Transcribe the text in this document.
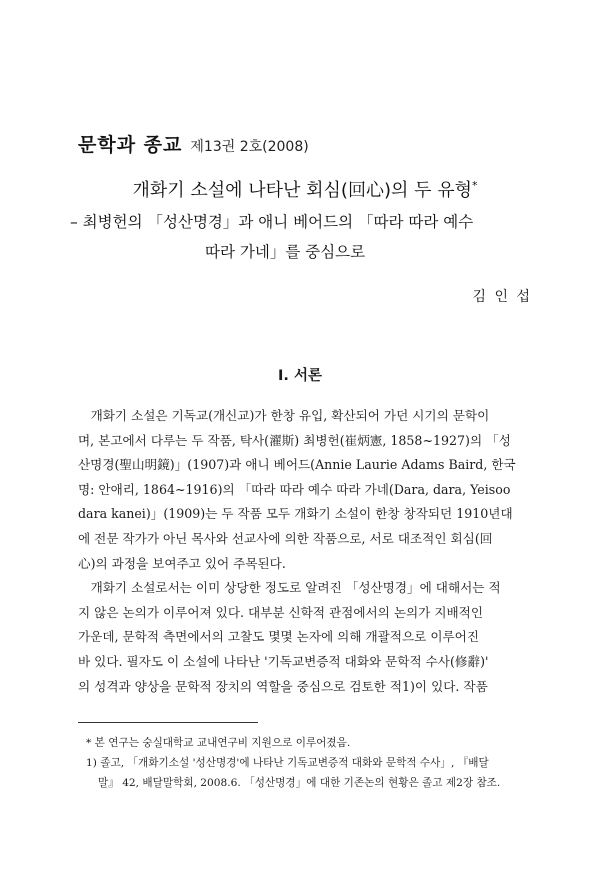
문학과 종교 제13권 2호(2008)

개화기 소설에 나타난 회심(回心)의 두 유형*

– 최병헌의 「성산명경」과 애니 베어드의 「따라 따라 예수

따라 가네」를 중심으로

김 인 섭
Ⅰ. 서론

　개화기 소설은 기독교(개신교)가 한창 유입, 확산되어 가던 시기의 문학이
며, 본고에서 다루는 두 작품, 탁사(濯斯) 최병헌(崔炳憲, 1858~1927)의 「성
산명경(聖山明鏡)」(1907)과 애니 베어드(Annie Laurie Adams Baird, 한국
명: 안애리, 1864~1916)의 「따라 따라 예수 따라 가네(Dara, dara, Yeisoo
dara kanei)」(1909)는 두 작품 모두 개화기 소설이 한창 창작되던 1910년대
에 전문 작가가 아닌 목사와 선교사에 의한 작품으로, 서로 대조적인 회심(回
心)의 과정을 보여주고 있어 주목된다.

　개화기 소설로서는 이미 상당한 정도로 알려진 「성산명경」에 대해서는 적
지 않은 논의가 이루어져 있다. 대부분 신학적 관점에서의 논의가 지배적인
가운데, 문학적 측면에서의 고찰도 몇몇 논자에 의해 개괄적으로 이루어진
바 있다. 필자도 이 소설에 나타난 '기독교변증적 대화와 문학적 수사(修辭)'
의 성격과 양상을 문학적 장치의 역할을 중심으로 검토한 적1)이 있다. 작품

* 본 연구는 숭실대학교 교내연구비 지원으로 이루어졌음.
1) 졸고, 「개화기소설 '성산명경'에 나타난 기독교변증적 대화와 문학적 수사」, 『배달
말』 42, 배달말학회, 2008.6. 「성산명경」에 대한 기존논의 현황은 졸고 제2장 참조.
